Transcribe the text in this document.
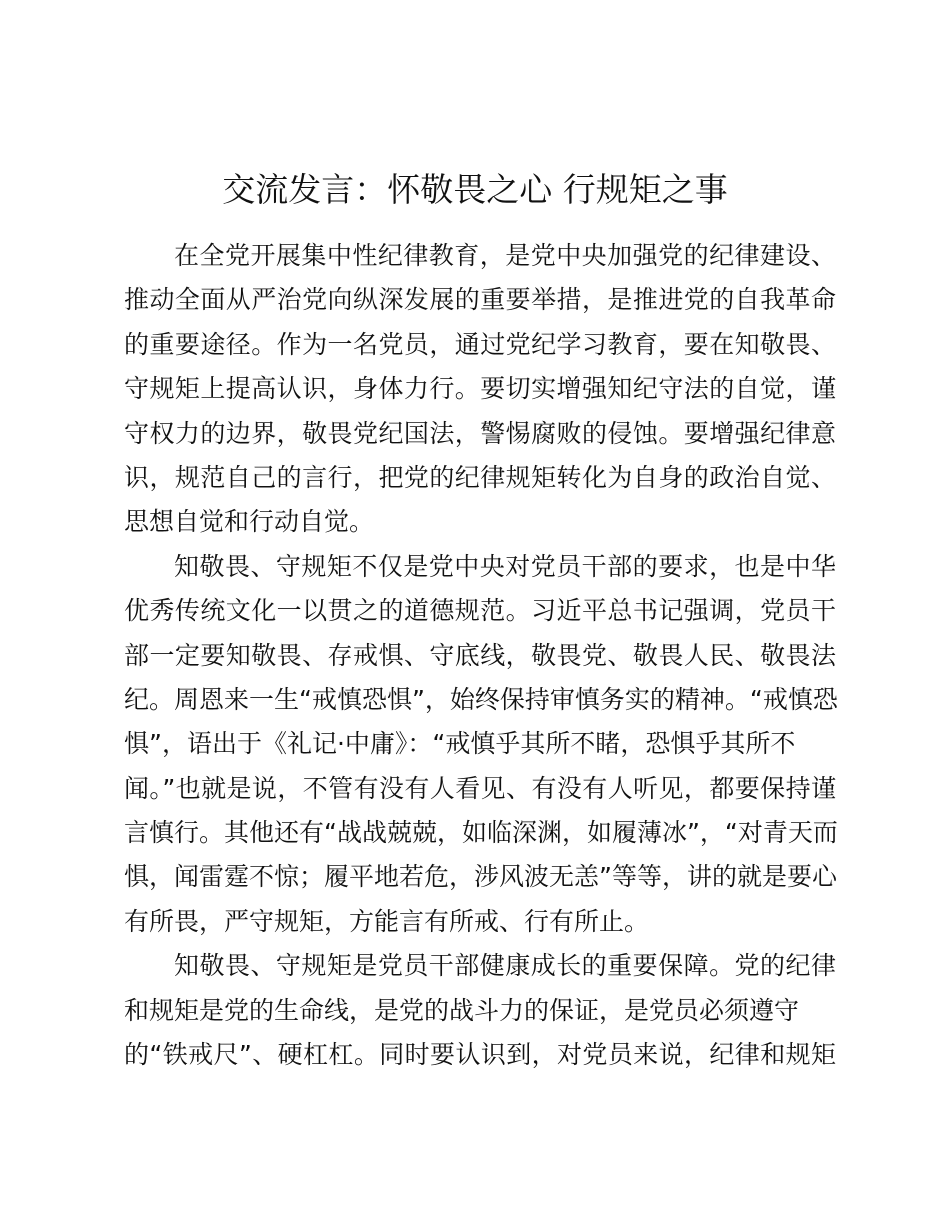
交流发言：怀敬畏之心 行规矩之事
在全党开展集中性纪律教育，是党中央加强党的纪律建设、
推动全面从严治党向纵深发展的重要举措，是推进党的自我革命
的重要途径。作为一名党员，通过党纪学习教育，要在知敬畏、
守规矩上提高认识，身体力行。要切实增强知纪守法的自觉，谨
守权力的边界，敬畏党纪国法，警惕腐败的侵蚀。要增强纪律意
识，规范自己的言行，把党的纪律规矩转化为自身的政治自觉、
思想自觉和行动自觉。
知敬畏、守规矩不仅是党中央对党员干部的要求，也是中华
优秀传统文化一以贯之的道德规范。习近平总书记强调，党员干
部一定要知敬畏、存戒惧、守底线，敬畏党、敬畏人民、敬畏法
纪。周恩来一生“戒慎恐惧”，始终保持审慎务实的精神。“戒慎恐
惧”，语出于《礼记·中庸》：“戒慎乎其所不睹，恐惧乎其所不
闻。”也就是说，不管有没有人看见、有没有人听见，都要保持谨
言慎行。其他还有“战战兢兢，如临深渊，如履薄冰”，“对青天而
惧，闻雷霆不惊；履平地若危，涉风波无恙”等等，讲的就是要心
有所畏，严守规矩，方能言有所戒、行有所止。
知敬畏、守规矩是党员干部健康成长的重要保障。党的纪律
和规矩是党的生命线，是党的战斗力的保证，是党员必须遵守
的“铁戒尺”、硬杠杠。同时要认识到，对党员来说，纪律和规矩
